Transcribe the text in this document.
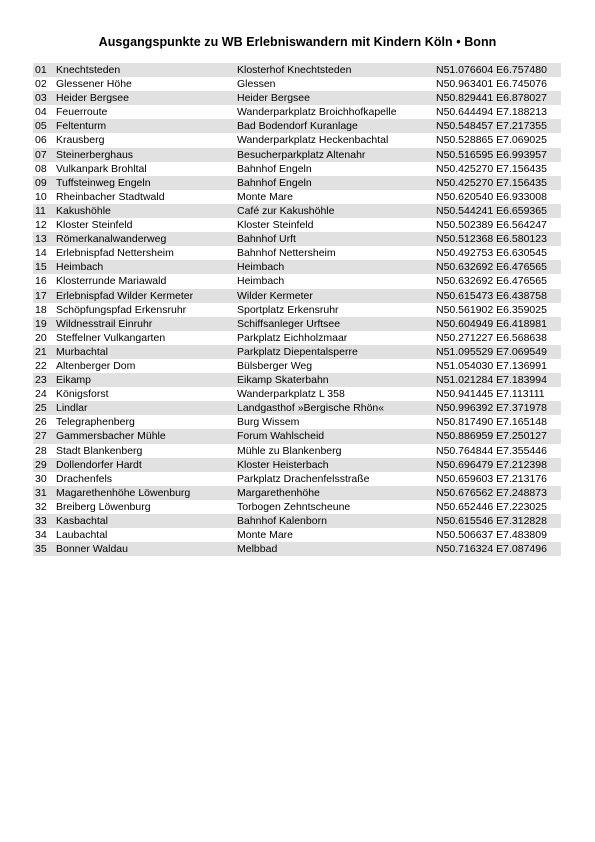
Ausgangspunkte zu WB Erlebniswandern mit Kindern Köln • Bonn
01 Knechtsteden	Klosterhof Knechtsteden	N51.076604 E6.757480
02 Glessener Höhe	Glessen	N50.963401 E6.745076
03 Heider Bergsee	Heider Bergsee	N50.829441 E6.878027
04 Feuerroute	Wanderparkplatz Broichhofkapelle	N50.644494 E7.188213
05 Feltenturm	Bad Bodendorf Kuranlage	N50.548457 E7.217355
06 Krausberg	Wanderparkplatz Heckenbachtal	N50.528865 E7.069025
07 Steinerberghaus	Besucherparkplatz Altenahr	N50.516595 E6.993957
08 Vulkanpark Brohltal	Bahnhof Engeln	N50.425270 E7.156435
09 Tuffsteinweg Engeln	Bahnhof Engeln	N50.425270 E7.156435
10 Rheinbacher Stadtwald	Monte Mare	N50.620540 E6.933008
11 Kakushöhle	Café zur Kakushöhle	N50.544241 E6.659365
12 Kloster Steinfeld	Kloster Steinfeld	N50.502389 E6.564247
13 Römerkanalwanderweg	Bahnhof Urft	N50.512368 E6.580123
14 Erlebnispfad Nettersheim	Bahnhof Nettersheim	N50.492753 E6.630545
15 Heimbach	Heimbach	N50.632692 E6.476565
16 Klosterrunde Mariawald	Heimbach	N50.632692 E6.476565
17 Erlebnispfad Wilder Kermeter	Wilder Kermeter	N50.615473 E6.438758
18 Schöpfungspfad Erkensruhr	Sportplatz Erkensruhr	N50.561902 E6.359025
19 Wildnesstrail Einruhr	Schiffsanleger Urftsee	N50.604949 E6.418981
20 Steffelner Vulkangarten	Parkplatz Eichholzmaar	N50.271227 E6.568638
21 Murbachtal	Parkplatz Diepentalsperre	N51.095529 E7.069549
22 Altenberger Dom	Bülsberger Weg	N51.054030 E7.136991
23 Eikamp	Eikamp Skaterbahn	N51.021284 E7.183994
24 Königsforst	Wanderparkplatz L 358	N50.941445 E7.113111
25 Lindlar	Landgasthof »Bergische Rhön«	N50.996392 E7.371978
26 Telegraphenberg	Burg Wissem	N50.817490 E7.165148
27 Gammersbacher Mühle	Forum Wahlscheid	N50.886959 E7.250127
28 Stadt Blankenberg	Mühle zu Blankenberg	N50.764844 E7.355446
29 Dollendorfer Hardt	Kloster Heisterbach	N50.696479 E7.212398
30 Drachenfels	Parkplatz Drachenfelsstraße	N50.659603 E7.213176
31 Magarethenhöhe Löwenburg	Margarethenhöhe	N50.676562 E7.248873
32 Breiberg Löwenburg	Torbogen Zehntscheune	N50.652446 E7.223025
33 Kasbachtal	Bahnhof Kalenborn	N50.615546 E7.312828
34 Laubachtal	Monte Mare	N50.506637 E7.483809
35 Bonner Waldau	Melbbad	N50.716324 E7.087496
